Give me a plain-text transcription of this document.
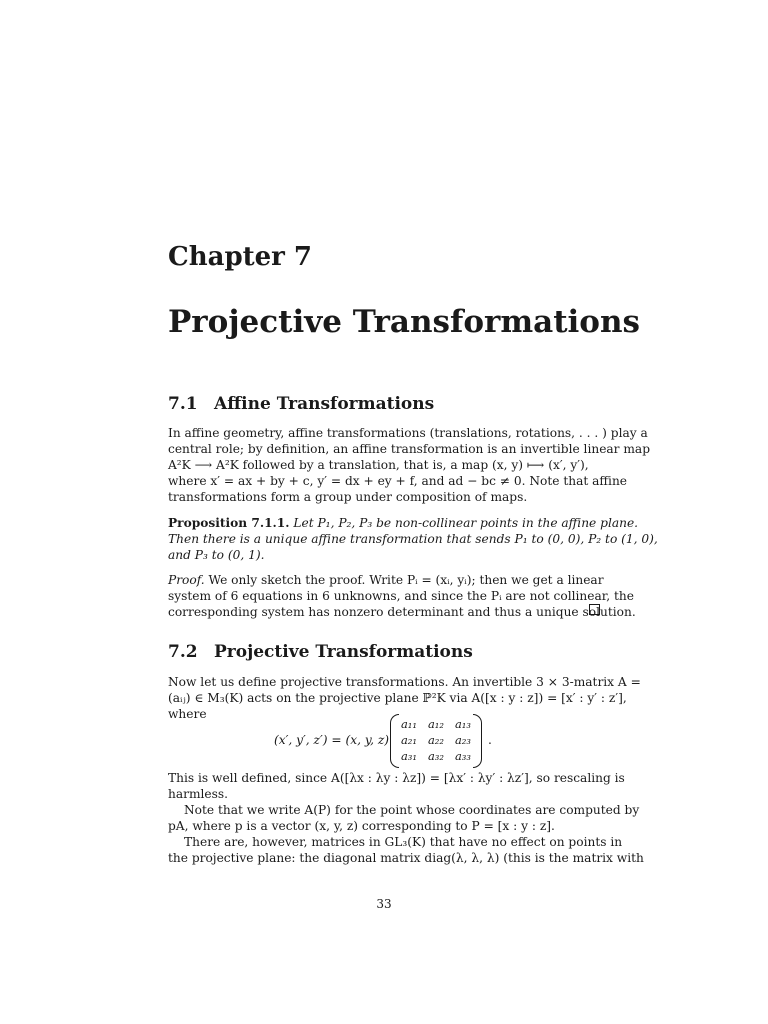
Chapter 7
Projective Transformations
7.1 Affine Transformations
In affine geometry, affine transformations (translations, rotations, . . . ) play a
central role; by definition, an affine transformation is an invertible linear map
A²K ⟶ A²K followed by a translation, that is, a map (x, y) ⟼ (x′, y′),
where x′ = ax + by + c, y′ = dx + ey + f, and ad − bc ≠ 0. Note that affine
transformations form a group under composition of maps.
Proposition 7.1.1. Let P₁, P₂, P₃ be non-collinear points in the affine plane.
Then there is a unique affine transformation that sends P₁ to (0, 0), P₂ to (1, 0),
and P₃ to (0, 1).
Proof. We only sketch the proof. Write Pᵢ = (xᵢ, yᵢ); then we get a linear
system of 6 equations in 6 unknowns, and since the Pᵢ are not collinear, the
corresponding system has nonzero determinant and thus a unique solution.
7.2 Projective Transformations
Now let us define projective transformations. An invertible 3 × 3-matrix A =
(aᵢⱼ) ∈ M₃(K) acts on the projective plane ℙ²K via A([x : y : z]) = [x′ : y′ : z′],
where
(x′, y′, z′) = (x, y, z)
a₁₁ a₁₂ a₁₃
a₂₁ a₂₂ a₂₃
a₃₁ a₃₂ a₃₃
.
This is well defined, since A([λx : λy : λz]) = [λx′ : λy′ : λz′], so rescaling is
harmless.
Note that we write A(P) for the point whose coordinates are computed by
pA, where p is a vector (x, y, z) corresponding to P = [x : y : z].
There are, however, matrices in GL₃(K) that have no effect on points in
the projective plane: the diagonal matrix diag(λ, λ, λ) (this is the matrix with
33
